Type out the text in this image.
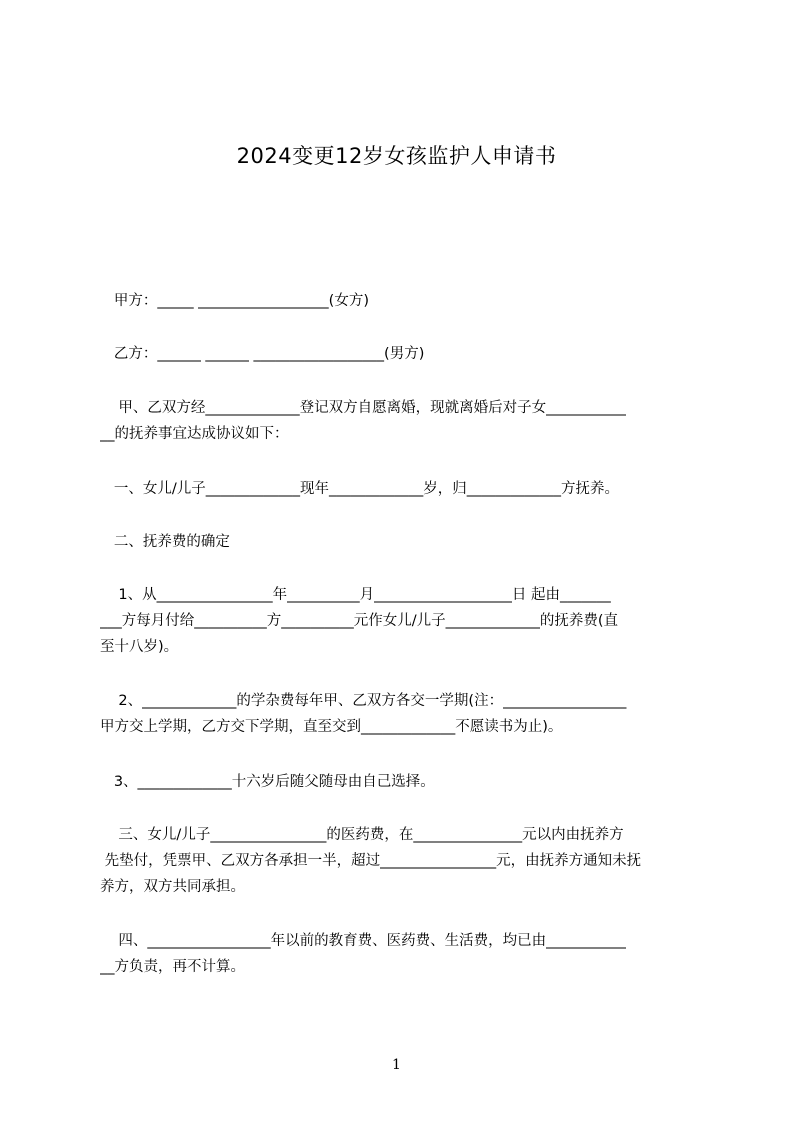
2024变更12岁女孩监护人申请书
甲方：_____ __________________(女方)
乙方：______ ______ __________________(男方)
甲、乙双方经_____________登记双方自愿离婚，现就离婚后对子女___________
__的抚养事宜达成协议如下：
一、女儿/儿子_____________现年_____________岁，归_____________方抚养。
二、抚养费的确定
1、从________________年__________月___________________日 起由_______
___方每月付给__________方__________元作女儿/儿子_____________的抚养费(直
至十八岁)。
2、_____________的学杂费每年甲、乙双方各交一学期(注：_________________
甲方交上学期，乙方交下学期，直至交到_____________不愿读书为止)。
3、_____________十六岁后随父随母由自己选择。
三、女儿/儿子________________的医药费，在_______________元以内由抚养方
先垫付，凭票甲、乙双方各承担一半，超过________________元，由抚养方通知未抚
养方，双方共同承担。
四、_________________年以前的教育费、医药费、生活费，均已由___________
__方负责，再不计算。
1
